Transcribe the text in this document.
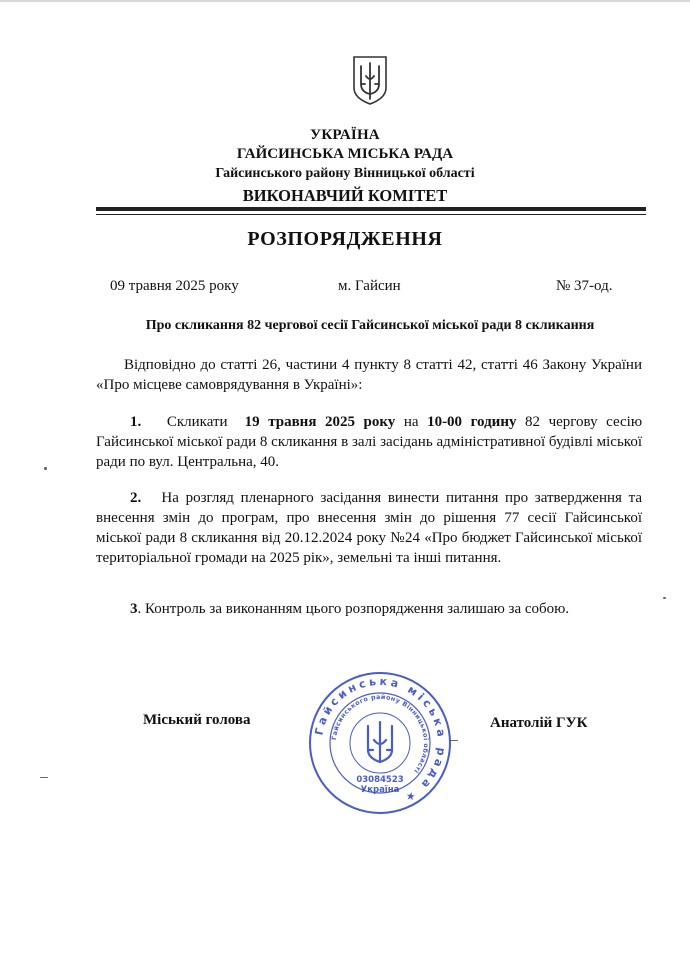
УКРАЇНА
ГАЙСИНСЬКА МІСЬКА РАДА
Гайсинського району Вінницької області
ВИКОНАВЧИЙ КОМІТЕТ
РОЗПОРЯДЖЕННЯ
09 травня 2025 року	м. Гайсин	№ 37-од.
Про скликання 82 чергової сесії Гайсинської міської ради 8 скликання
Відповідно до статті 26, частини 4 пункту 8 статті 42, статті 46 Закону України «Про місцеве самоврядування в Україні»:
1. Скликати 19 травня 2025 року на 10-00 годину 82 чергову сесію Гайсинської міської ради 8 скликання в залі засідань адміністративної будівлі міської ради по вул. Центральна, 40.
2. На розгляд пленарного засідання винести питання про затвердження та внесення змін до програм, про внесення змін до рішення 77 сесії Гайсинської міської ради 8 скликання від 20.12.2024 року №24 «Про бюджет Гайсинської міської територіальної громади на 2025 рік», земельні та інші питання.
3. Контроль за виконанням цього розпорядження залишаю за собою.
Міський голова	Анатолій ГУК
Гайсинська міська рада ★
Гайсинського району Вінницької області
03084523
Україна
